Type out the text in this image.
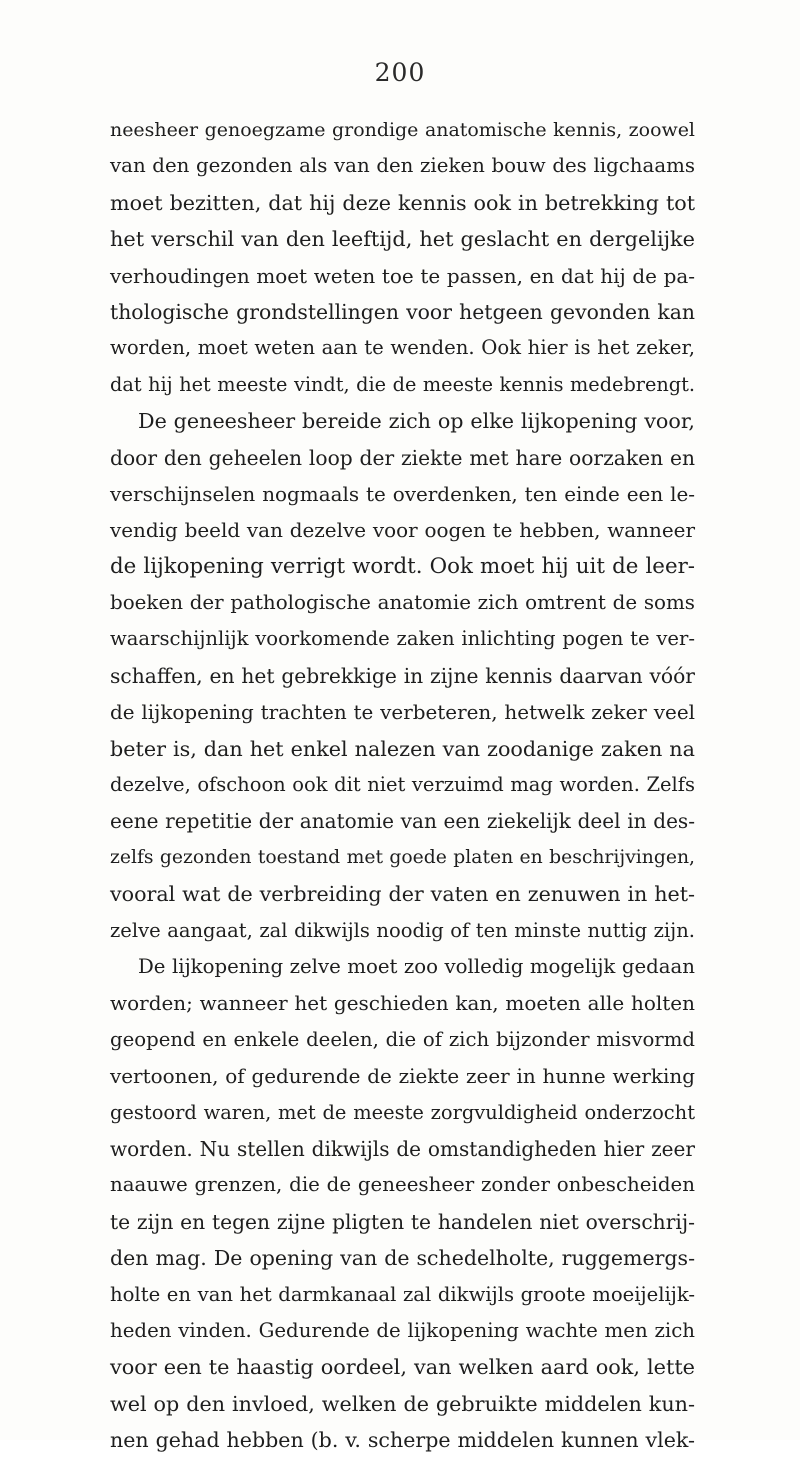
200
neesheer genoegzame grondige anatomische kennis, zoowel
van den gezonden als van den zieken bouw des ligchaams
moet bezitten, dat hij deze kennis ook in betrekking tot
het verschil van den leeftijd, het geslacht en dergelijke
verhoudingen moet weten toe te passen, en dat hij de pa-
thologische grondstellingen voor hetgeen gevonden kan
worden, moet weten aan te wenden. Ook hier is het zeker,
dat hij het meeste vindt, die de meeste kennis medebrengt.
De geneesheer bereide zich op elke lijkopening voor,
door den geheelen loop der ziekte met hare oorzaken en
verschijnselen nogmaals te overdenken, ten einde een le-
vendig beeld van dezelve voor oogen te hebben, wanneer
de lijkopening verrigt wordt. Ook moet hij uit de leer-
boeken der pathologische anatomie zich omtrent de soms
waarschijnlijk voorkomende zaken inlichting pogen te ver-
schaffen, en het gebrekkige in zijne kennis daarvan vóór
de lijkopening trachten te verbeteren, hetwelk zeker veel
beter is, dan het enkel nalezen van zoodanige zaken na
dezelve, ofschoon ook dit niet verzuimd mag worden. Zelfs
eene repetitie der anatomie van een ziekelijk deel in des-
zelfs gezonden toestand met goede platen en beschrijvingen,
vooral wat de verbreiding der vaten en zenuwen in het-
zelve aangaat, zal dikwijls noodig of ten minste nuttig zijn.
De lijkopening zelve moet zoo volledig mogelijk gedaan
worden; wanneer het geschieden kan, moeten alle holten
geopend en enkele deelen, die of zich bijzonder misvormd
vertoonen, of gedurende de ziekte zeer in hunne werking
gestoord waren, met de meeste zorgvuldigheid onderzocht
worden. Nu stellen dikwijls de omstandigheden hier zeer
naauwe grenzen, die de geneesheer zonder onbescheiden
te zijn en tegen zijne pligten te handelen niet overschrij-
den mag. De opening van de schedelholte, ruggemergs-
holte en van het darmkanaal zal dikwijls groote moeijelijk-
heden vinden. Gedurende de lijkopening wachte men zich
voor een te haastig oordeel, van welken aard ook, lette
wel op den invloed, welken de gebruikte middelen kun-
nen gehad hebben (b. v. scherpe middelen kunnen vlek-
